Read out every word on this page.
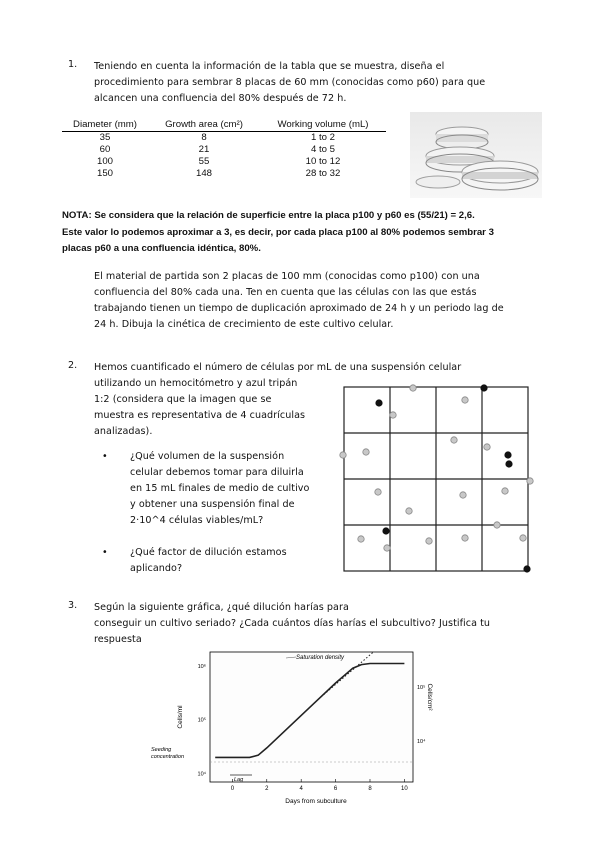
1. Teniendo en cuenta la información de la tabla que se muestra, diseña el
procedimiento para sembrar 8 placas de 60 mm (conocidas como p60) para que
alcancen una confluencia del 80% después de 72 h.
Diameter (mm)	Growth area (cm²)	Working volume (mL)
35	8	1 to 2
60	21	4 to 5
100	55	10 to 12
150	148	28 to 32
NOTA: Se considera que la relación de superficie entre la placa p100 y p60 es (55/21) = 2,6.
Este valor lo podemos aproximar a 3, es decir, por cada placa p100 al 80% podemos sembrar 3
placas p60 a una confluencia idéntica, 80%.
El material de partida son 2 placas de 100 mm (conocidas como p100) con una
confluencia del 80% cada una. Ten en cuenta que las células con las que estás
trabajando tienen un tiempo de duplicación aproximado de 24 h y un periodo lag de
24 h. Dibuja la cinética de crecimiento de este cultivo celular.
2. Hemos cuantificado el número de células por mL de una suspensión celular
utilizando un hemocitómetro y azul tripán
1:2 (considera que la imagen que se
muestra es representativa de 4 cuadrículas
analizadas).
• ¿Qué volumen de la suspensión
celular debemos tomar para diluirla
en 15 mL finales de medio de cultivo
y obtener una suspensión final de
2·10^4 células viables/mL?
• ¿Qué factor de dilución estamos
aplicando?
3. Según la siguiente gráfica, ¿qué dilución harías para
conseguir un cultivo seriado? ¿Cada cuántos días harías el subcultivo? Justifica tu
respuesta
0	2	4	6	8	10
10⁶
10⁵
10⁴
10⁵
10⁴
Saturation density
Seeding concentration
Lag
Days from subculture
Cells/ml
Cells/cm²
